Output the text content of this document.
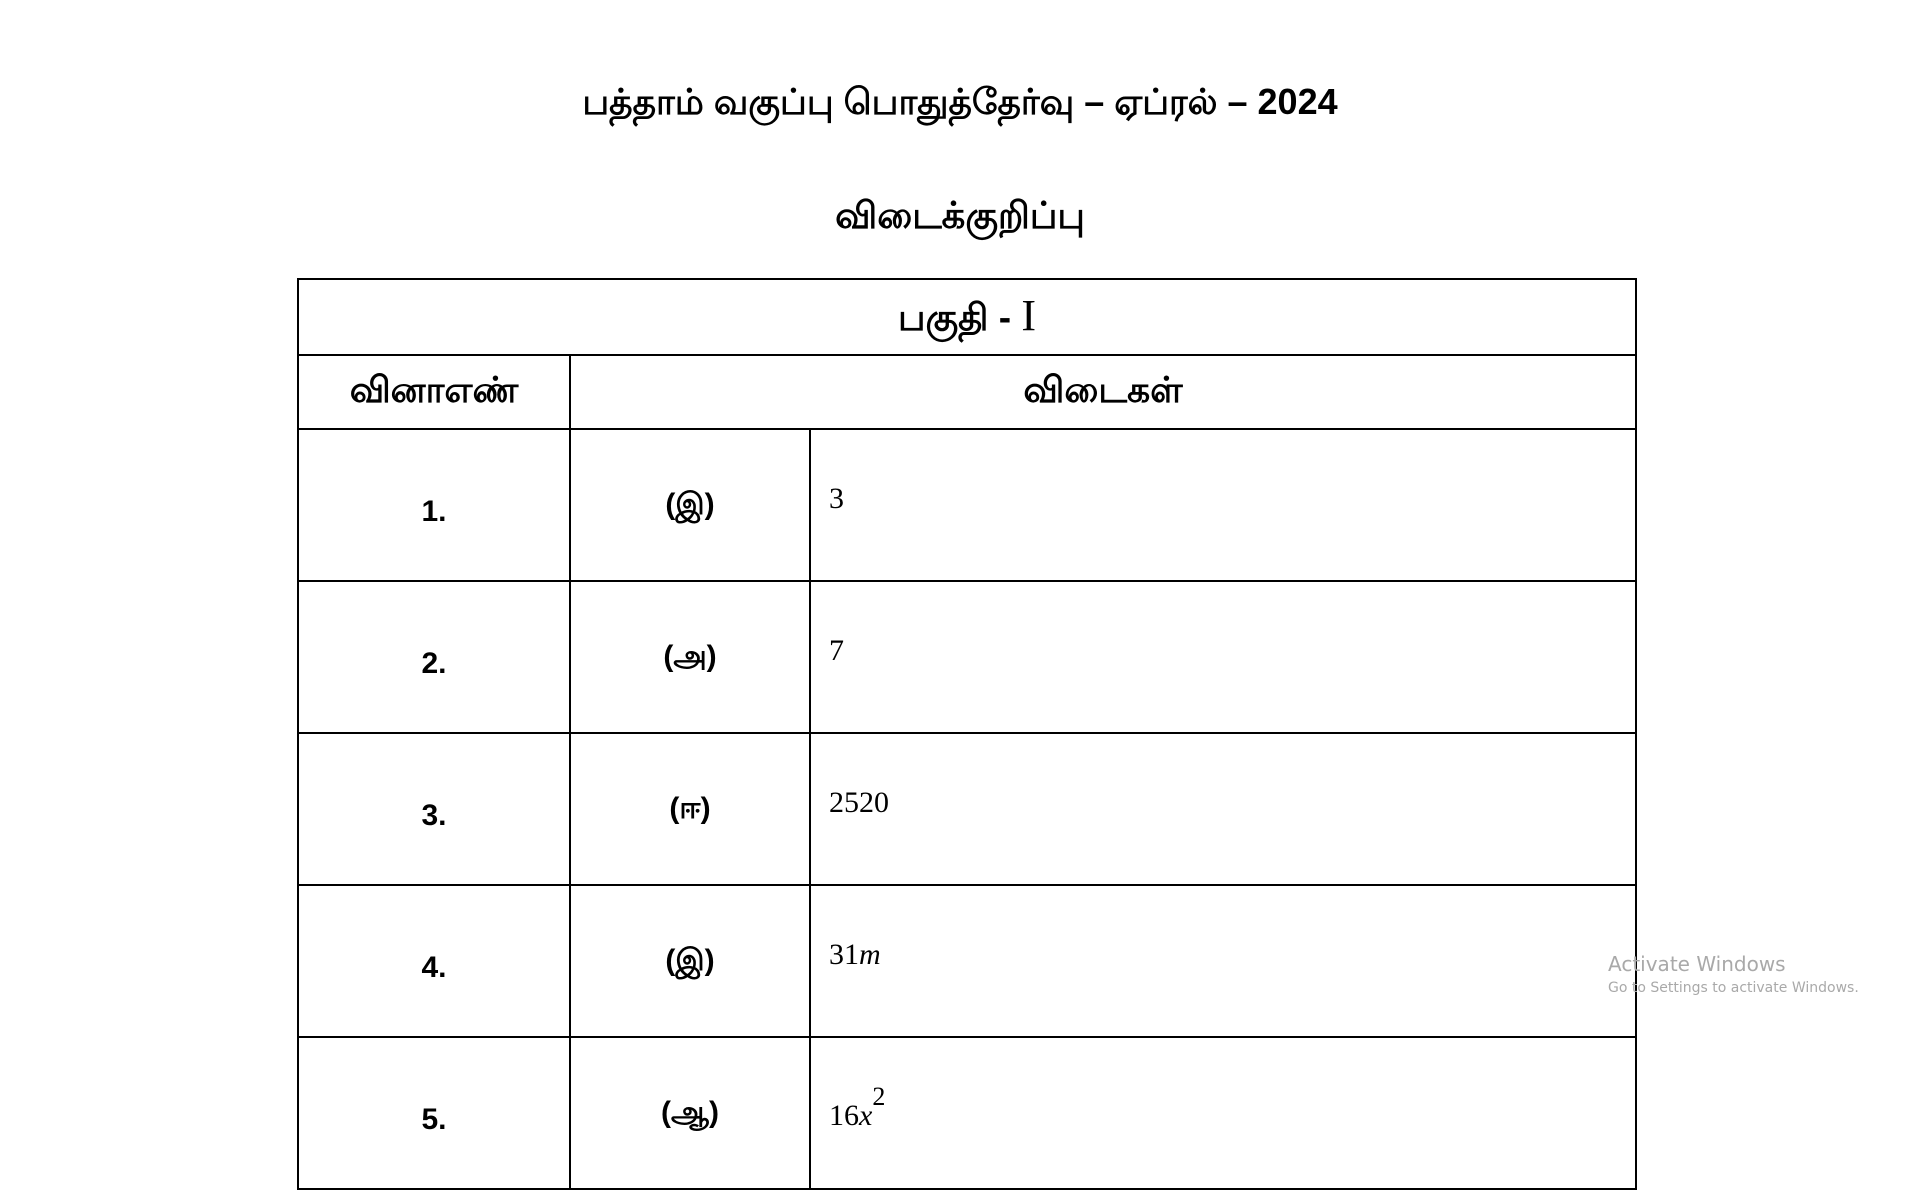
பத்தாம் வகுப்பு பொதுத்தேர்வு – ஏப்ரல் – 2024
விடைக்குறிப்பு
பகுதி - I		
வினாஎண்	விடைகள்	
1.	(இ)	3
2.	(அ)	7
3.	(ஈ)	2520
4.	(இ)	31m
5.	(ஆ)	16x2
Activate Windows
Go to Settings to activate Windows.
